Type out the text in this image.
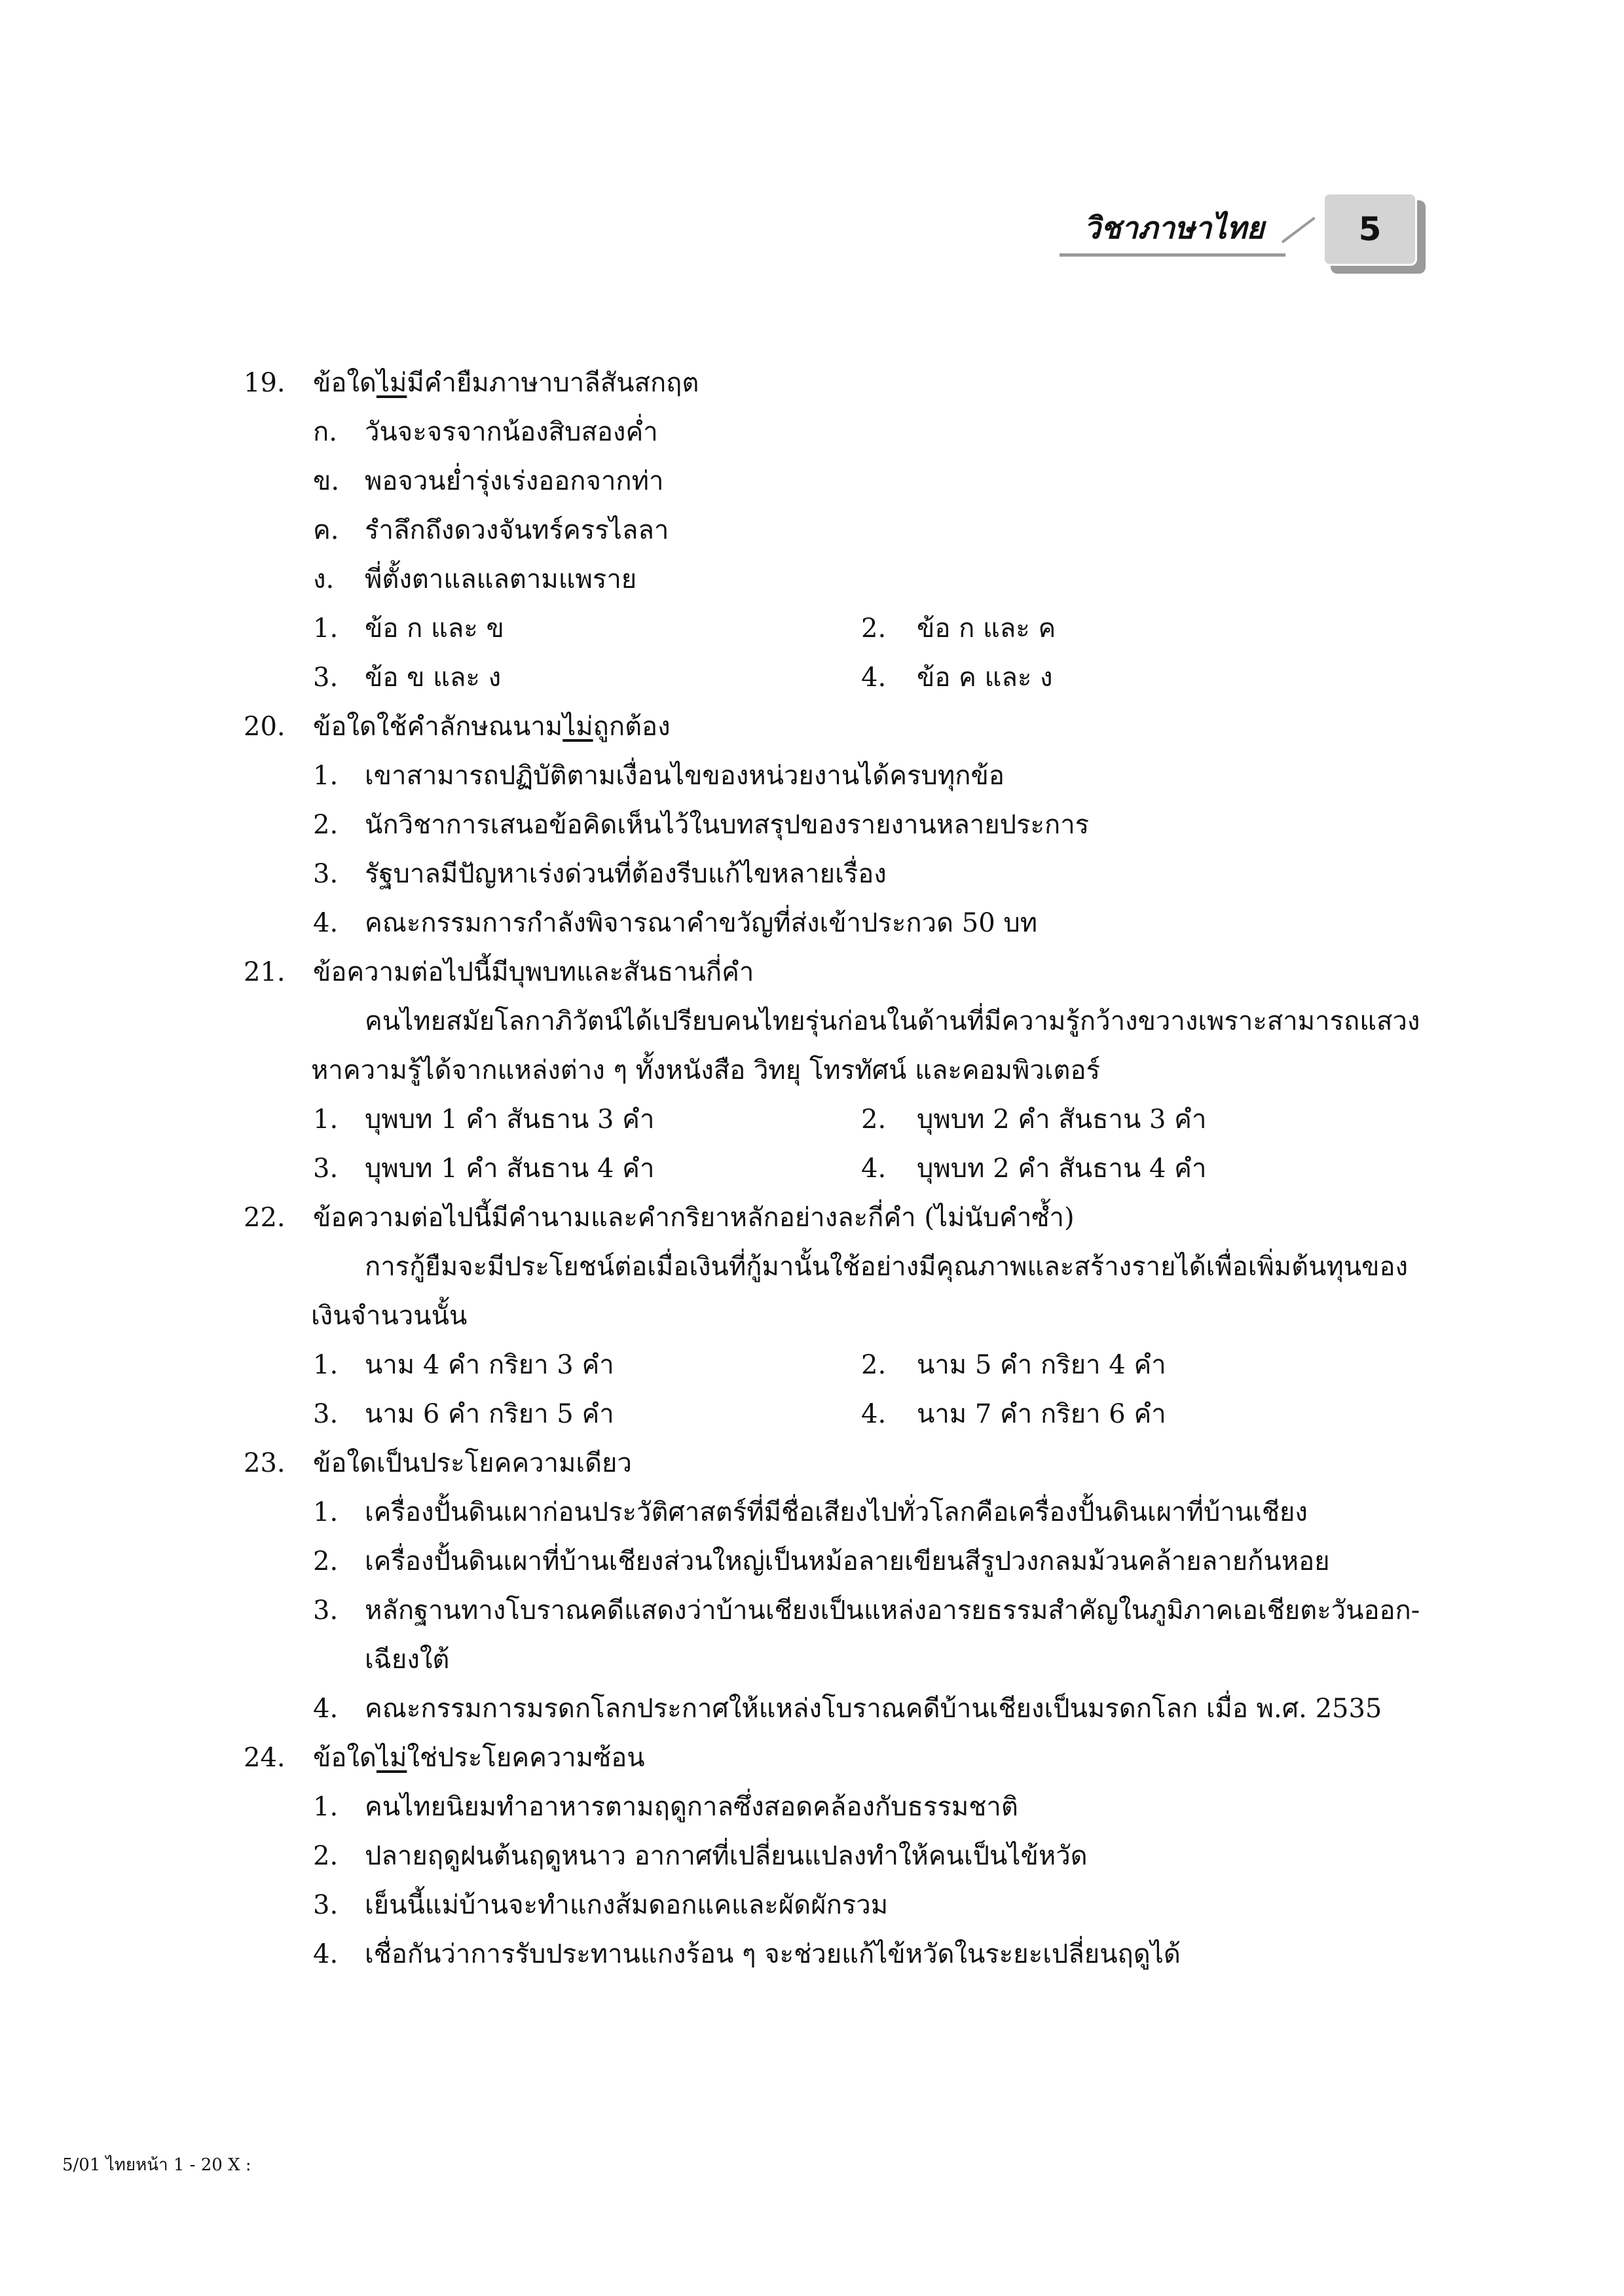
วิชาภาษาไทย	5
19. ข้อใดไม่มีคำยืมภาษาบาลีสันสกฤต
ก. วันจะจรจากน้องสิบสองค่ำ
ข. พอจวนย่ำรุ่งเร่งออกจากท่า
ค. รำลึกถึงดวงจันทร์ครรไลลา
ง. พี่ตั้งตาแลแลตามแพราย
1. ข้อ ก และ ข	2. ข้อ ก และ ค
3. ข้อ ข และ ง	4. ข้อ ค และ ง
20. ข้อใดใช้คำลักษณนามไม่ถูกต้อง
1. เขาสามารถปฏิบัติตามเงื่อนไขของหน่วยงานได้ครบทุกข้อ
2. นักวิชาการเสนอข้อคิดเห็นไว้ในบทสรุปของรายงานหลายประการ
3. รัฐบาลมีปัญหาเร่งด่วนที่ต้องรีบแก้ไขหลายเรื่อง
4. คณะกรรมการกำลังพิจารณาคำขวัญที่ส่งเข้าประกวด 50 บท
21. ข้อความต่อไปนี้มีบุพบทและสันธานกี่คำ
คนไทยสมัยโลกาภิวัตน์ได้เปรียบคนไทยรุ่นก่อนในด้านที่มีความรู้กว้างขวางเพราะสามารถแสวง
หาความรู้ได้จากแหล่งต่าง ๆ ทั้งหนังสือ วิทยุ โทรทัศน์ และคอมพิวเตอร์
1. บุพบท 1 คำ สันธาน 3 คำ	2. บุพบท 2 คำ สันธาน 3 คำ
3. บุพบท 1 คำ สันธาน 4 คำ	4. บุพบท 2 คำ สันธาน 4 คำ
22. ข้อความต่อไปนี้มีคำนามและคำกริยาหลักอย่างละกี่คำ (ไม่นับคำซ้ำ)
การกู้ยืมจะมีประโยชน์ต่อเมื่อเงินที่กู้มานั้นใช้อย่างมีคุณภาพและสร้างรายได้เพื่อเพิ่มต้นทุนของ
เงินจำนวนนั้น
1. นาม 4 คำ กริยา 3 คำ	2. นาม 5 คำ กริยา 4 คำ
3. นาม 6 คำ กริยา 5 คำ	4. นาม 7 คำ กริยา 6 คำ
23. ข้อใดเป็นประโยคความเดียว
1. เครื่องปั้นดินเผาก่อนประวัติศาสตร์ที่มีชื่อเสียงไปทั่วโลกคือเครื่องปั้นดินเผาที่บ้านเชียง
2. เครื่องปั้นดินเผาที่บ้านเชียงส่วนใหญ่เป็นหม้อลายเขียนสีรูปวงกลมม้วนคล้ายลายก้นหอย
3. หลักฐานทางโบราณคดีแสดงว่าบ้านเชียงเป็นแหล่งอารยธรรมสำคัญในภูมิภาคเอเชียตะวันออก-
เฉียงใต้
4. คณะกรรมการมรดกโลกประกาศให้แหล่งโบราณคดีบ้านเชียงเป็นมรดกโลก เมื่อ พ.ศ. 2535
24. ข้อใดไม่ใช่ประโยคความซ้อน
1. คนไทยนิยมทำอาหารตามฤดูกาลซึ่งสอดคล้องกับธรรมชาติ
2. ปลายฤดูฝนต้นฤดูหนาว อากาศที่เปลี่ยนแปลงทำให้คนเป็นไข้หวัด
3. เย็นนี้แม่บ้านจะทำแกงส้มดอกแคและผัดผักรวม
4. เชื่อกันว่าการรับประทานแกงร้อน ๆ จะช่วยแก้ไข้หวัดในระยะเปลี่ยนฤดูได้
5/01 ไทยหน้า 1 - 20 X :
